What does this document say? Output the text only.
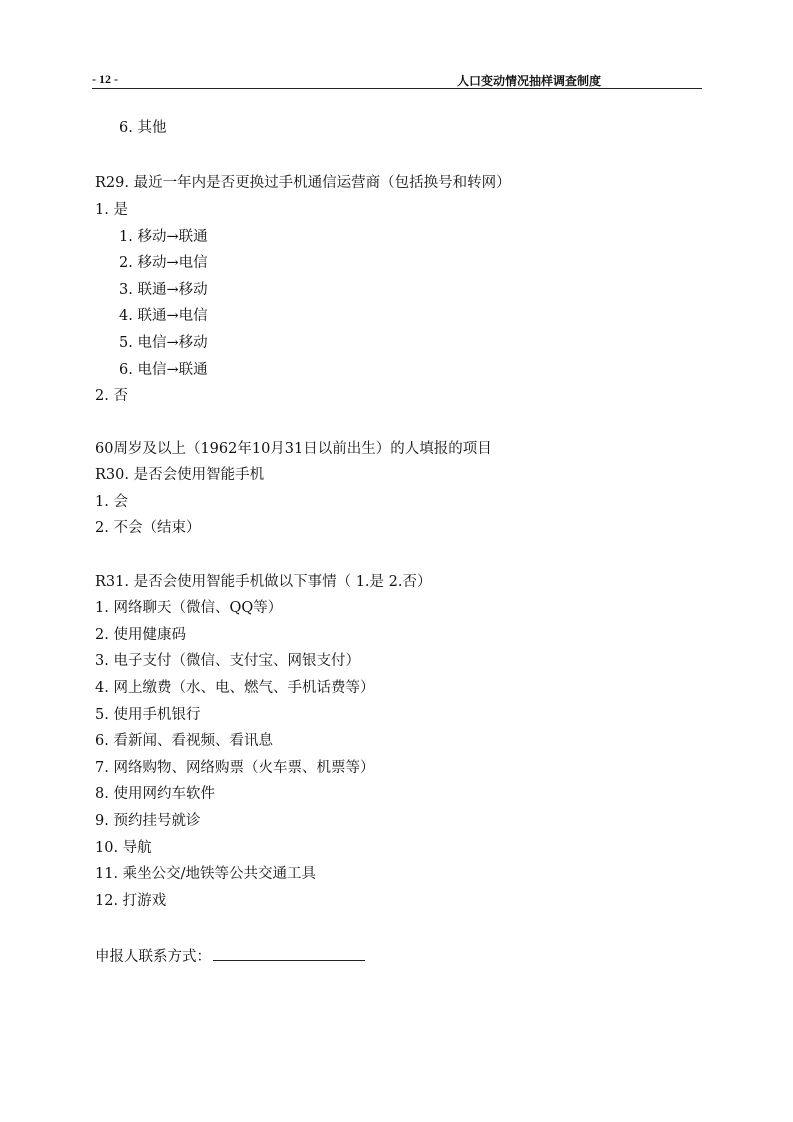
- 12 -	人口变动情况抽样调查制度
6. 其他
R29. 最近一年内是否更换过手机通信运营商（包括换号和转网）
1. 是
1. 移动→联通
2. 移动→电信
3. 联通→移动
4. 联通→电信
5. 电信→移动
6. 电信→联通
2. 否
60周岁及以上（1962年10月31日以前出生）的人填报的项目
R30. 是否会使用智能手机
1. 会
2. 不会（结束）
R31. 是否会使用智能手机做以下事情（ 1.是 2.否）
1. 网络聊天（微信、QQ等）
2. 使用健康码
3. 电子支付（微信、支付宝、网银支付）
4. 网上缴费（水、电、燃气、手机话费等）
5. 使用手机银行
6. 看新闻、看视频、看讯息
7. 网络购物、网络购票（火车票、机票等）
8. 使用网约车软件
9. 预约挂号就诊
10. 导航
11. 乘坐公交/地铁等公共交通工具
12. 打游戏
申报人联系方式：
